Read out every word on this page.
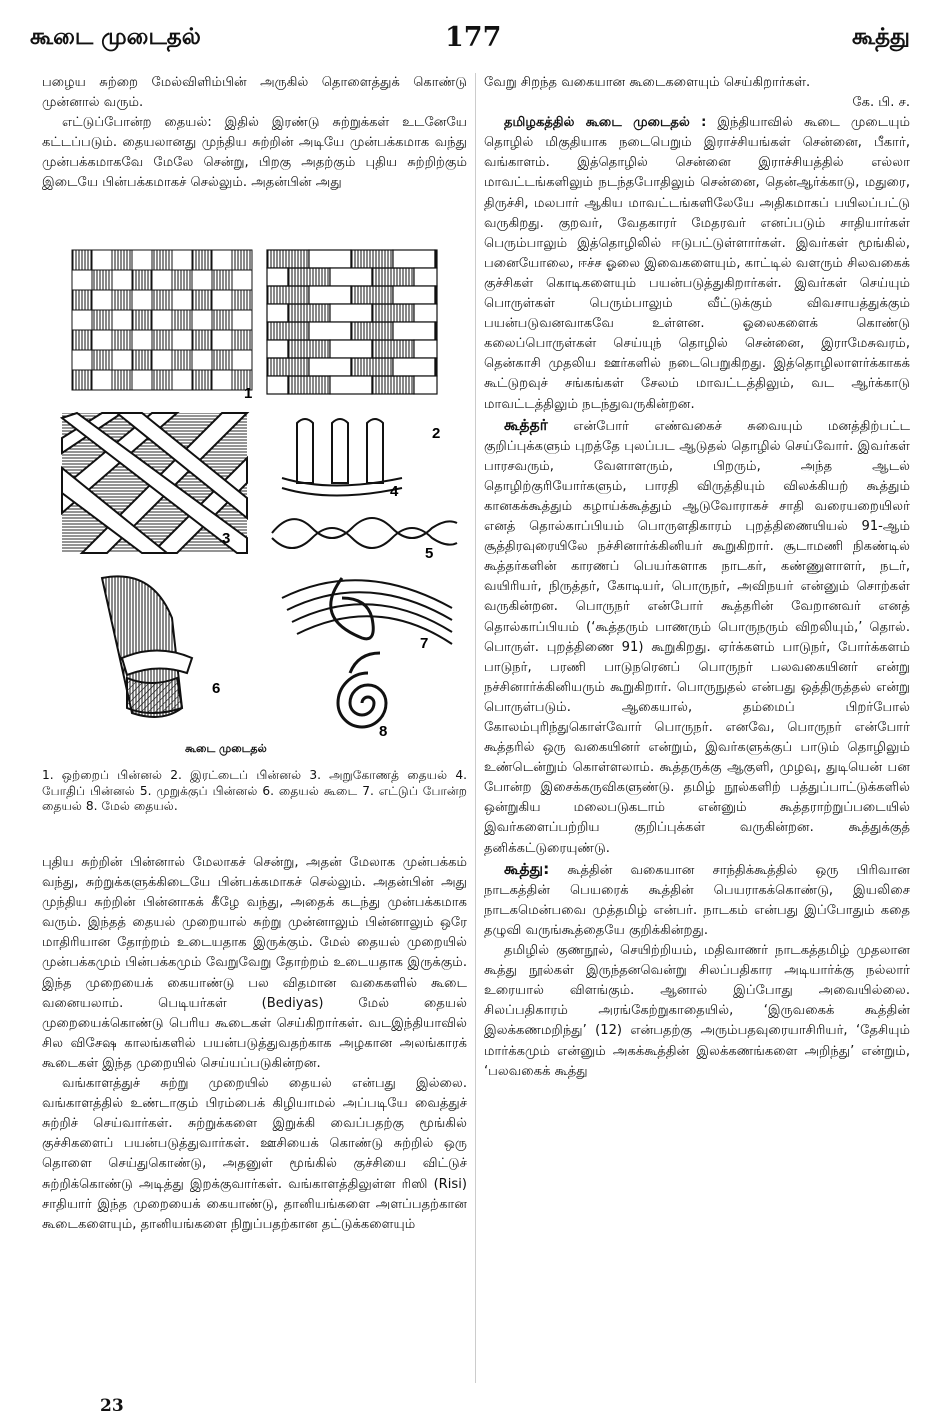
கூடை முடைதல்	177	கூத்து

பழைய சுற்றை மேல்விளிம்பின் அருகில் தொளைத்துக் கொண்டு முன்னால் வரும்.

எட்டுப்போன்ற தையல்: இதில் இரண்டு சுற்றுக்கள் உடனேயே கட்டப்படும். தையலானது முந்திய சுற்றின் அடியே முன்பக்கமாக வந்து முன்பக்கமாகவே மேலே சென்று, பிறகு அதற்கும் புதிய சுற்றிற்கும் இடையே பின்பக்கமாகச் செல்லும். அதன்பின் அது

1
2
3
4
5
6
7
8
கூடை முடைதல்
1. ஒற்றைப் பின்னல் 2. இரட்டைப் பின்னல் 3. அறுகோணத் தையல் 4. போதிப் பின்னல் 5. முறுக்குப் பின்னல் 6. தையல் கூடை 7. எட்டுப் போன்ற தையல் 8. மேல் தையல்.

புதிய சுற்றின் பின்னால் மேலாகச் சென்று, அதன் மேலாக முன்பக்கம் வந்து, சுற்றுக்களுக்கிடையே பின்பக்கமாகச் செல்லும். அதன்பின் அது முந்திய சுற்றின் பின்னாகக் கீழே வந்து, அதைக் கடந்து முன்பக்கமாக வரும். இந்தத் தையல் முறையால் சுற்று முன்னாலும் பின்னாலும் ஒரே மாதிரியான தோற்றம் உடையதாக இருக்கும். மேல் தையல் முறையில் முன்பக்கமும் பின்பக்கமும் வேறுவேறு தோற்றம் உடையதாக இருக்கும். இந்த முறையைக் கையாண்டு பல விதமான வகைகளில் கூடை வனையலாம். பெடியர்கள் (Bediyas) மேல் தையல் முறையைக்கொண்டு பெரிய கூடைகள் செய்கிறார்கள். வடஇந்தியாவில் சில விசேஷ காலங்களில் பயன்படுத்துவதற்காக அழகான அலங்காரக் கூடைகள் இந்த முறையில் செய்யப்படுகின்றன.

வங்காளத்துச் சுற்று முறையில் தையல் என்பது இல்லை. வங்காளத்தில் உண்டாகும் பிரம்பைக் கிழியாமல் அப்படியே வைத்துச் சுற்றிச் செய்வார்கள். சுற்றுக்களை இறுக்கி வைப்பதற்கு மூங்கில் குச்சிகளைப் பயன்படுத்துவார்கள். ஊசியைக் கொண்டு சுற்றில் ஒரு தொளை செய்துகொண்டு, அதனுள் மூங்கில் குச்சியை விட்டுச் சுற்றிக்கொண்டு அடித்து இறக்குவார்கள். வங்காளத்திலுள்ள ரிஸி (Risi) சாதியார் இந்த முறையைக் கையாண்டு, தானியங்களை அளப்பதற்கான கூடைகளையும், தானியங்களை நிறுப்பதற்கான தட்டுக்களையும்

வேறு சிறந்த வகையான கூடைகளையும் செய்கிறார்கள்.

கே. பி. ச.

தமிழகத்தில் கூடை முடைதல் : இந்தியாவில் கூடை முடையும் தொழில் மிகுதியாக நடைபெறும் இராச்சியங்கள் சென்னை, பீகார், வங்காளம். இத்தொழில் சென்னை இராச்சியத்தில் எல்லா மாவட்டங்களிலும் நடந்தபோதிலும் சென்னை, தென்ஆர்க்காடு, மதுரை, திருச்சி, மலபார் ஆகிய மாவட்டங்களிலேயே அதிகமாகப் பயிலப்பட்டு வருகிறது. குறவர், வேதகாரர் மேதரவர் எனப்படும் சாதியார்கள் பெரும்பாலும் இத்தொழிலில் ஈடுபட்டுள்ளார்கள். இவர்கள் மூங்கில், பனையோலை, ஈச்ச ஓலை இவைகளையும், காட்டில் வளரும் சிலவகைக் குச்சிகள் கொடிகளையும் பயன்படுத்துகிறார்கள். இவர்கள் செய்யும் பொருள்கள் பெரும்பாலும் வீட்டுக்கும் விவசாயத்துக்கும் பயன்படுவனவாகவே உள்ளன. ஓலைகளைக் கொண்டு கலைப்பொருள்கள் செய்யுந் தொழில் சென்னை, இராமேசுவரம், தென்காசி முதலிய ஊர்களில் நடைபெறுகிறது. இத்தொழிலாளர்க்காகக் கூட்டுறவுச் சங்கங்கள் சேலம் மாவட்டத்திலும், வட ஆர்க்காடு மாவட்டத்திலும் நடந்துவருகின்றன.

கூத்தர் என்போர் எண்வகைச் சுவையும் மனத்திற்பட்ட குறிப்புக்களும் புறத்தே புலப்பட ஆடுதல் தொழில் செய்வோர். இவர்கள் பாரசவரும், வேளாளரும், பிறரும், அந்த ஆடல் தொழிற்குரியோர்களும், பாரதி விருத்தியும் விலக்கியற் கூத்தும் கானகக்கூத்தும் கழாய்க்கூத்தும் ஆடுவோராகச் சாதி வரையறையிலர் எனத் தொல்காப்பியம் பொருளதிகாரம் புறத்திணையியல் 91-ஆம் சூத்திரவுரையிலே நச்சினார்க்கினியர் கூறுகிறார். சூடாமணி நிகண்டில் கூத்தர்களின் காரணப் பெயர்களாக நாடகர், கண்ணுளாளர், நடர், வயிரியர், நிருத்தர், கோடியர், பொருநர், அவிநயர் என்னும் சொற்கள் வருகின்றன. பொருநர் என்போர் கூத்தரின் வேறானவர் எனத் தொல்காப்பியம் (‘கூத்தரும் பாணரும் பொருநரும் விறலியும்,’ தொல். பொருள். புறத்திணை 91) கூறுகிறது. ஏர்க்களம் பாடுநர், போர்க்களம் பாடுநர், பரணி பாடுநரெனப் பொருநர் பலவகையினர் என்று நச்சினார்க்கினியரும் கூறுகிறார். பொருநுதல் என்பது ஒத்திருத்தல் என்று பொருள்படும். ஆகையால், தம்மைப் பிறர்போல் கோலம்புரிந்துகொள்வோர் பொருநர். எனவே, பொருநர் என்போர் கூத்தரில் ஒரு வகையினர் என்றும், இவர்களுக்குப் பாடும் தொழிலும் உண்டென்றும் கொள்ளலாம். கூத்தருக்கு ஆகுளி, முழவு, துடியென் பன போன்ற இசைக்கருவிகளுண்டு. தமிழ் நூல்களிற் பத்துப்பாட்டுக்களில் ஒன்றுகிய மலைபடுகடாம் என்னும் கூத்தராற்றுப்படையில் இவர்களைப்பற்றிய குறிப்புக்கள் வருகின்றன. கூத்துக்குத் தனிக்கட்டுரையுண்டு.

கூத்து: கூத்தின் வகையான சாந்திக்கூத்தில் ஒரு பிரிவான நாடகத்தின் பெயரைக் கூத்தின் பெயராகக்கொண்டு, இயலிசை நாடகமென்பவை முத்தமிழ் என்பர். நாடகம் என்பது இப்போதும் கதை தழுவி வருங்கூத்தையே குறிக்கின்றது.

தமிழில் குணநூல், செயிற்றியம், மதிவாணர் நாடகத்தமிழ் முதலான கூத்து நூல்கள் இருந்தனவென்று சிலப்பதிகார அடியார்க்கு நல்லார் உரையால் விளங்கும். ஆனால் இப்போது அவையில்லை. சிலப்பதிகாரம் அரங்கேற்றுகாதையில், ‘இருவகைக் கூத்தின் இலக்கணமறிந்து’ (12) என்பதற்கு அரும்பதவுரையாசிரியர், ‘தேசியும் மார்க்கமும் என்னும் அகக்கூத்தின் இலக்கணங்களை அறிந்து’ என்றும், ‘பலவகைக் கூத்து

23
